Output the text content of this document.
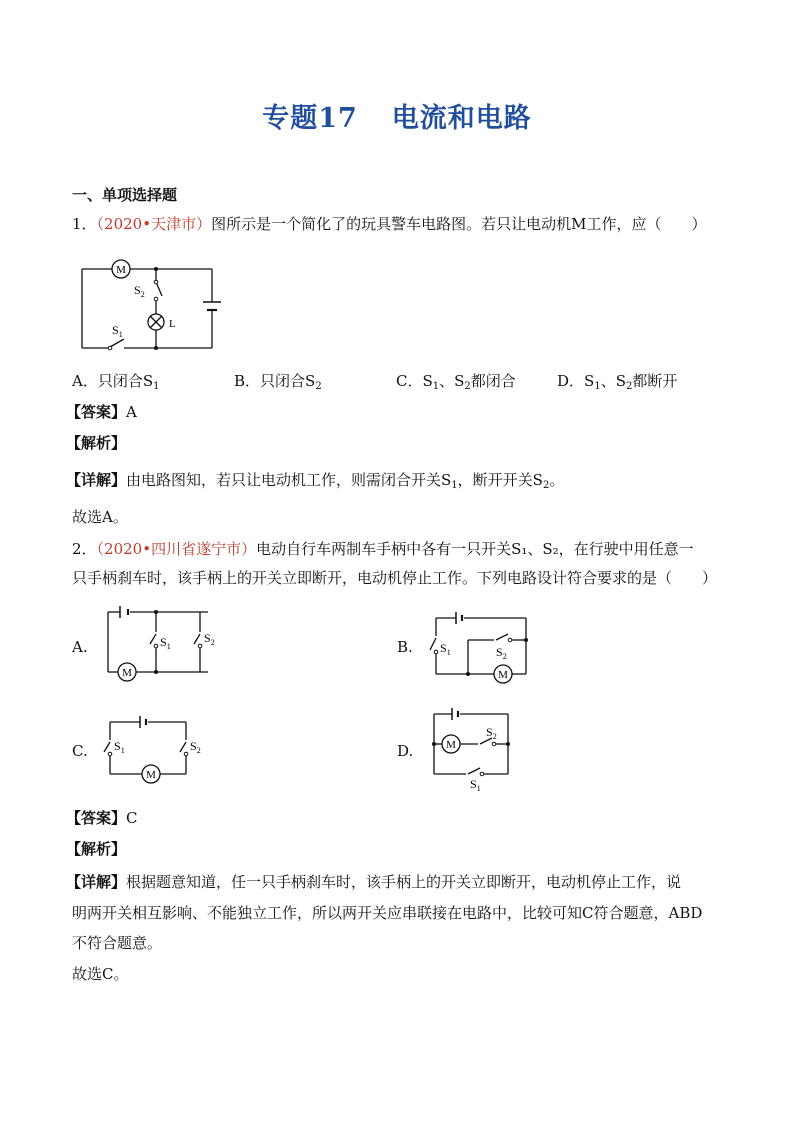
专题17 电流和电路
一、单项选择题
1．（2020•天津市）图所示是一个简化了的玩具警车电路图。若只让电动机M工作，应（　　）
M
$S_2$
$S_1$
L
A．只闭合$S_1$	B．只闭合$S_2$	C．$S_1$、$S_2$都闭合	D．$S_1$、$S_2$都断开
【答案】A
【解析】
【详解】由电路图知，若只让电动机工作，则需闭合开关$S_1$，断开开关$S_2$。
故选A。
2．（2020•四川省遂宁市）电动自行车两制车手柄中各有一只开关S₁、S₂，在行驶中用任意一
只手柄刹车时，该手柄上的开关立即断开，电动机停止工作。下列电路设计符合要求的是（　　）
A.
M
$S_1$
$S_2$	B.
M
$S_1$	$S_2$
C.
M
$S_1$	$S_2$	D.	M
$S_2$
$S_1$
【答案】C
【解析】
【详解】根据题意知道，任一只手柄刹车时，该手柄上的开关立即断开，电动机停止工作，说
明两开关相互影响、不能独立工作，所以两开关应串联接在电路中，比较可知C符合题意，ABD
不符合题意。
故选C。
